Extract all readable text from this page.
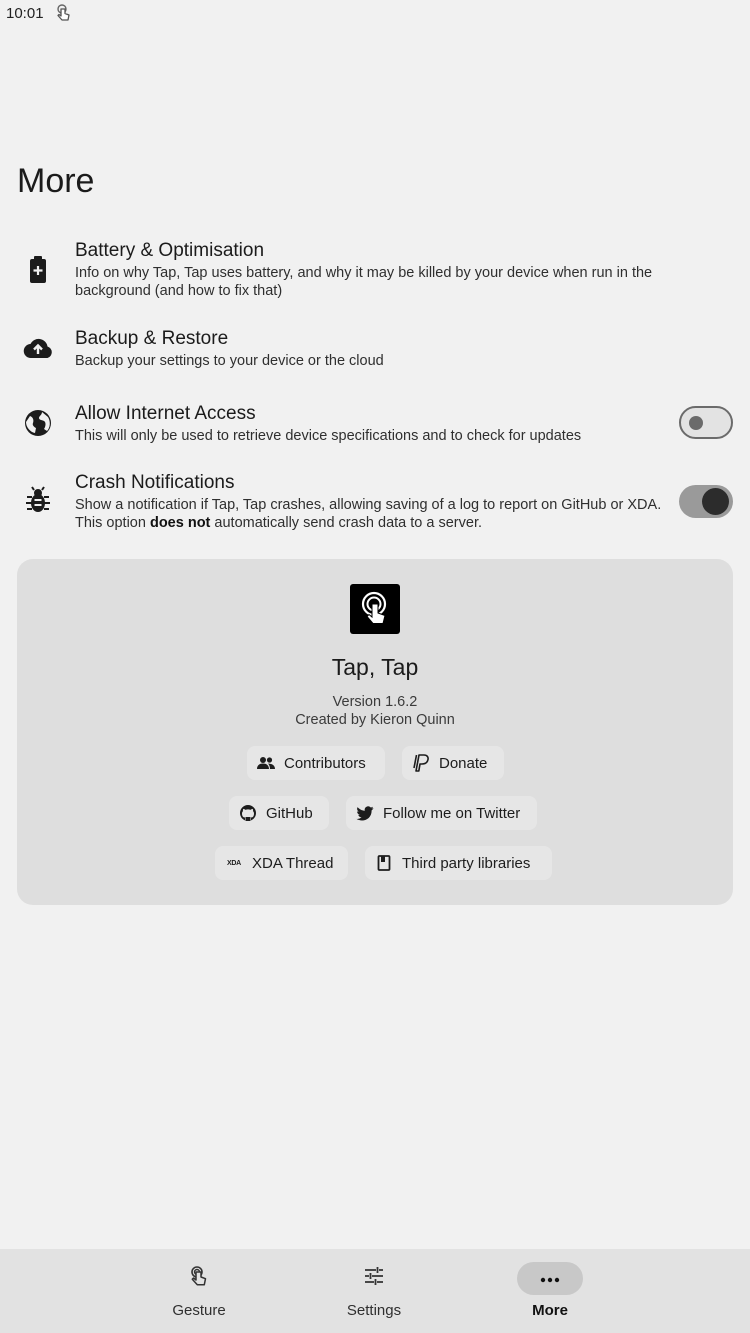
10:01
More
Battery & Optimisation
Info on why Tap, Tap uses battery, and why it may be killed by your device when run in the background (and how to fix that)
Backup & Restore
Backup your settings to your device or the cloud
Allow Internet Access
This will only be used to retrieve device specifications and to check for updates
Crash Notifications
Show a notification if Tap, Tap crashes, allowing saving of a log to report on GitHub or XDA. This option does not automatically send crash data to a server.
Tap, Tap
Version 1.6.2
Created by Kieron Quinn
Contributors	Donate
GitHub	Follow me on Twitter
XDA XDA Thread	Third party libraries
Gesture	Settings	More
